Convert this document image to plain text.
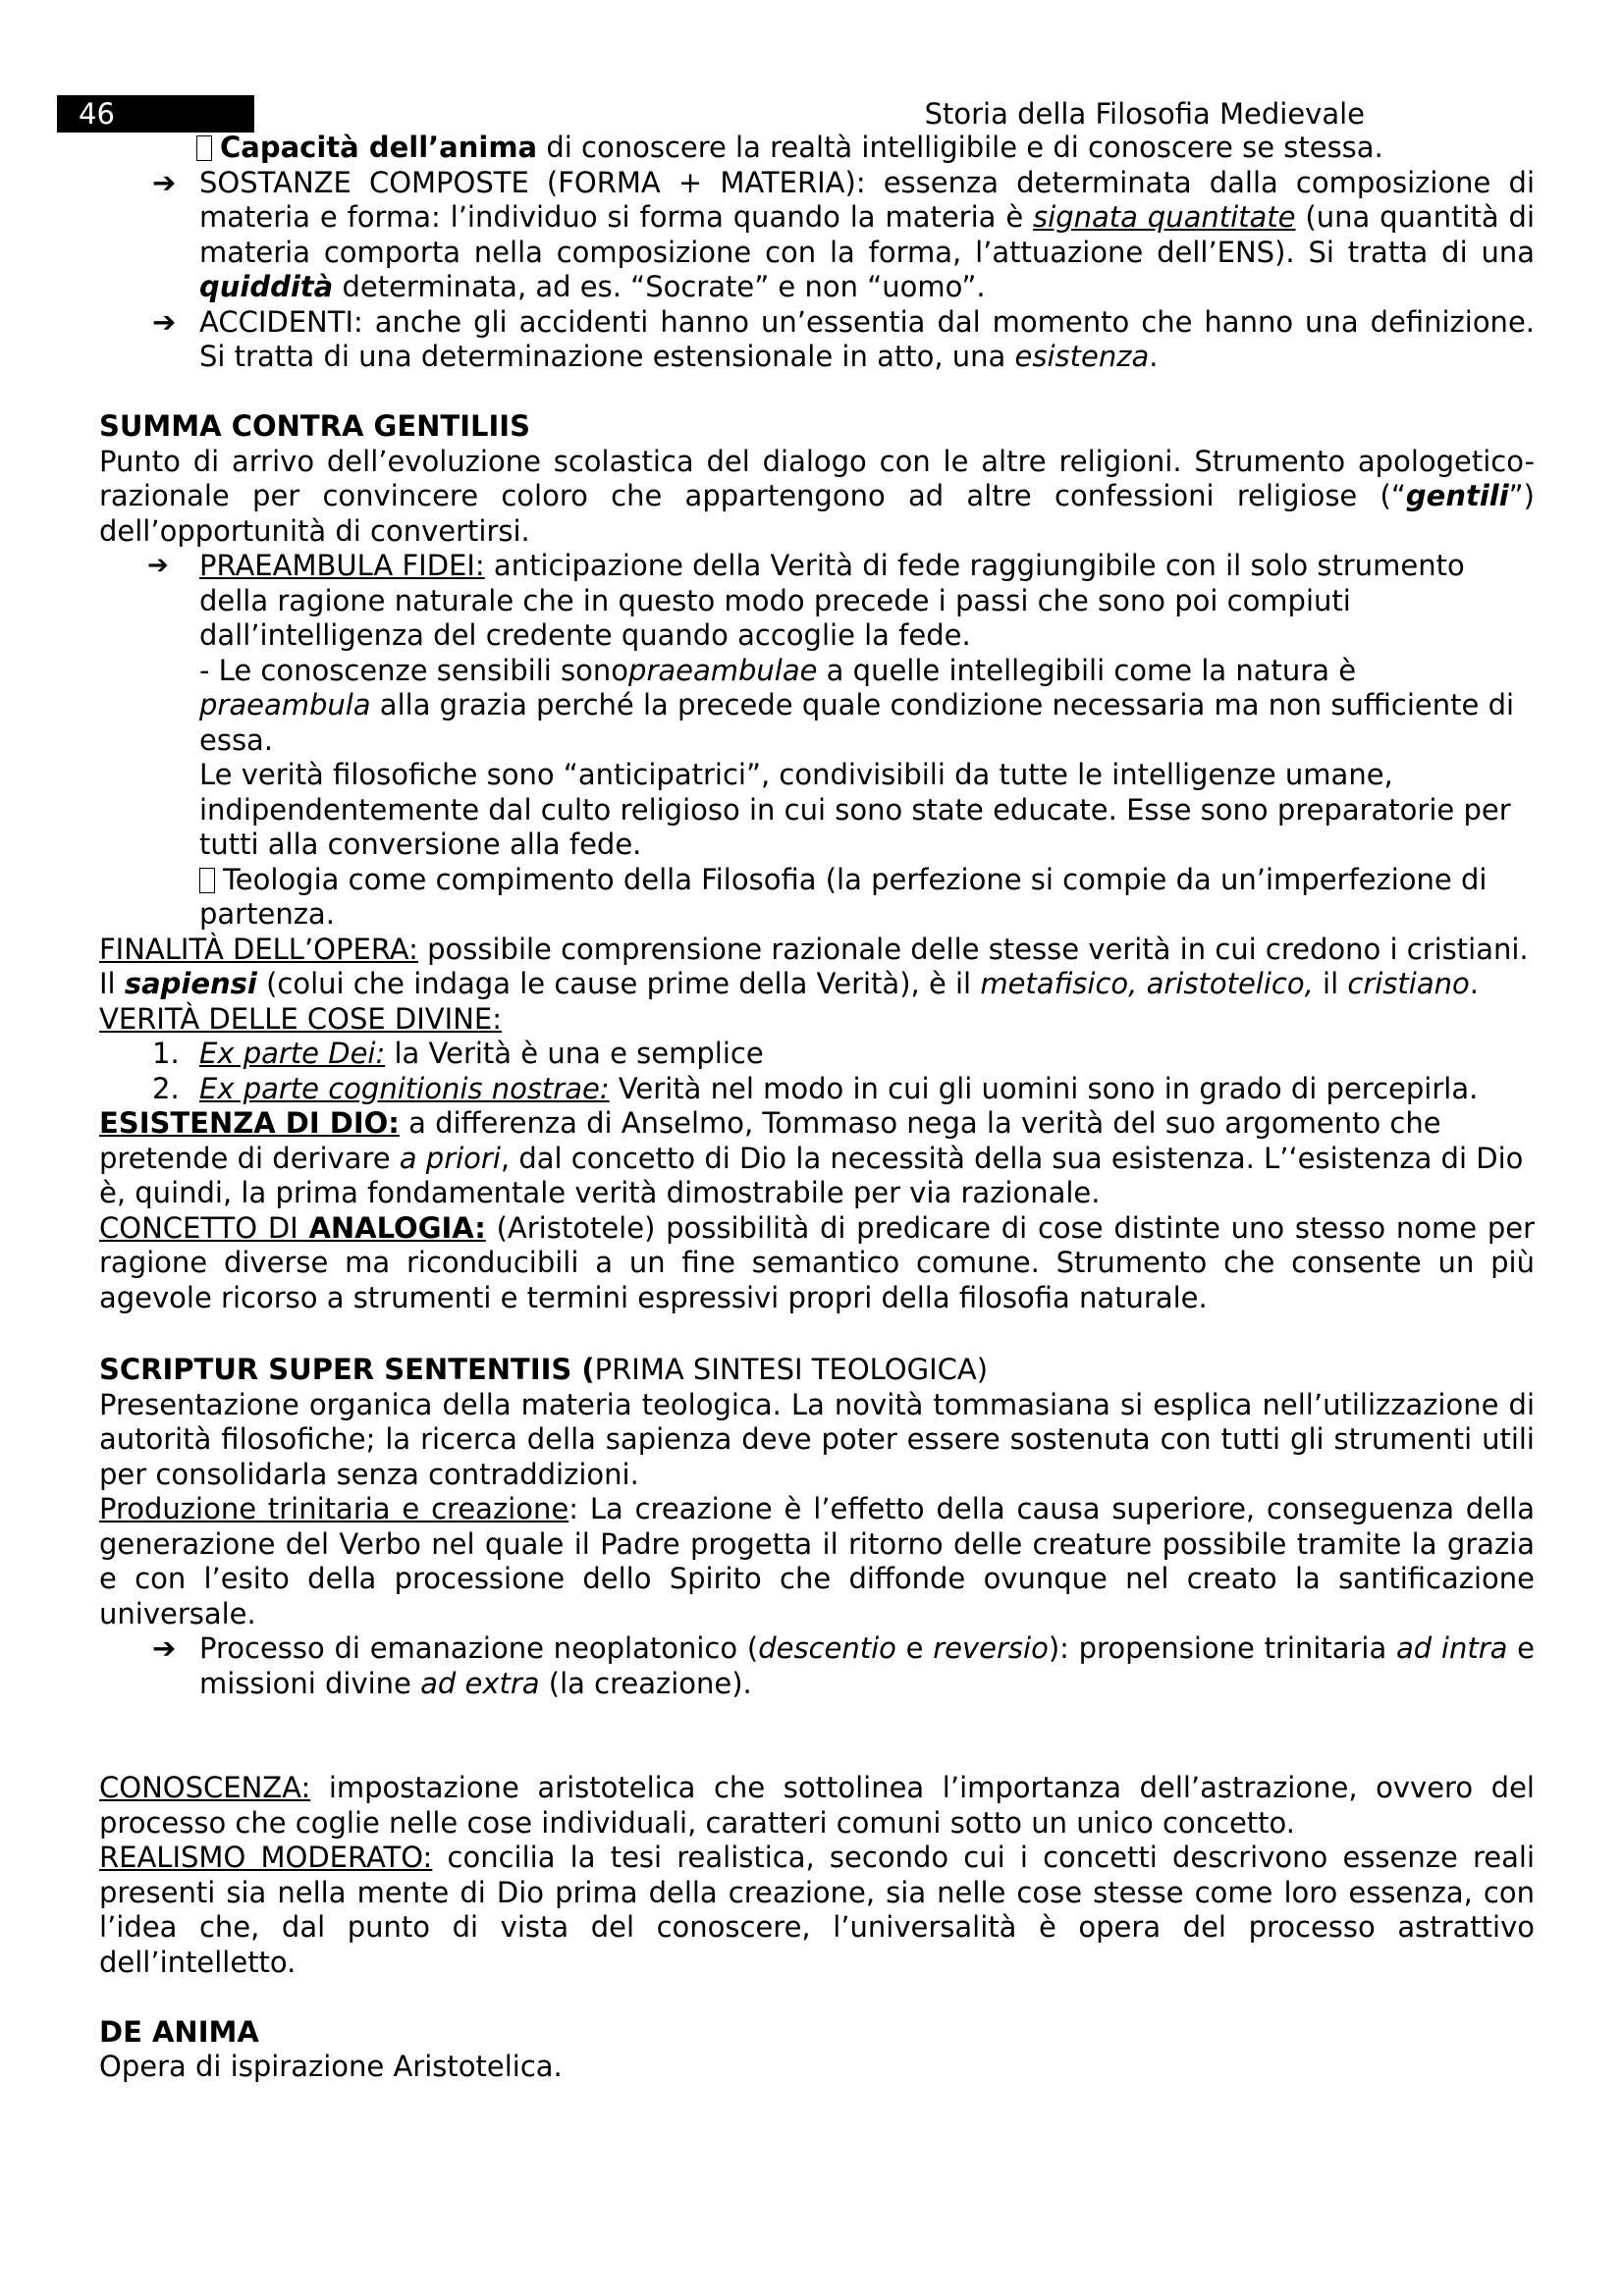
46	Storia della Filosofia Medievale

Capacità dell’anima di conoscere la realtà intelligibile e di conoscere se stessa.

➔ SOSTANZE COMPOSTE (FORMA + MATERIA): essenza determinata dalla composizione di materia e forma: l’individuo si forma quando la materia è signata quantitate (una quantità di materia comporta nella composizione con la forma, l’attuazione dell’ENS). Si tratta di una quiddità determinata, ad es. “Socrate” e non “uomo”.

➔ ACCIDENTI: anche gli accidenti hanno un’essentia dal momento che hanno una definizione. Si tratta di una determinazione estensionale in atto, una esistenza.

SUMMA CONTRA GENTILIIS

Punto di arrivo dell’evoluzione scolastica del dialogo con le altre religioni. Strumento apologetico-razionale per convincere coloro che appartengono ad altre confessioni religiose (“gentili”) dell’opportunità di convertirsi.

➔ PRAEAMBULA FIDEI: anticipazione della Verità di fede raggiungibile con il solo strumento della ragione naturale che in questo modo precede i passi che sono poi compiuti dall’intelligenza del credente quando accoglie la fede.

- Le conoscenze sensibili sonopraeambulae a quelle intellegibili come la natura è praeambula alla grazia perché la precede quale condizione necessaria ma non sufficiente di essa.

Le verità filosofiche sono “anticipatrici”, condivisibili da tutte le intelligenze umane, indipendentemente dal culto religioso in cui sono state educate. Esse sono preparatorie per tutti alla conversione alla fede.

Teologia come compimento della Filosofia (la perfezione si compie da un’imperfezione di partenza.

FINALITÀ DELL’OPERA: possibile comprensione razionale delle stesse verità in cui credono i cristiani. Il sapiensi (colui che indaga le cause prime della Verità), è il metafisico, aristotelico, il cristiano.

VERITÀ DELLE COSE DIVINE:

1. Ex parte Dei: la Verità è una e semplice

2. Ex parte cognitionis nostrae: Verità nel modo in cui gli uomini sono in grado di percepirla.

ESISTENZA DI DIO: a differenza di Anselmo, Tommaso nega la verità del suo argomento che pretende di derivare a priori, dal concetto di Dio la necessità della sua esistenza. L’‘esistenza di Dio è, quindi, la prima fondamentale verità dimostrabile per via razionale.

CONCETTO DI ANALOGIA: (Aristotele) possibilità di predicare di cose distinte uno stesso nome per ragione diverse ma riconducibili a un fine semantico comune. Strumento che consente un più agevole ricorso a strumenti e termini espressivi propri della filosofia naturale.

SCRIPTUR SUPER SENTENTIIS (PRIMA SINTESI TEOLOGICA)

Presentazione organica della materia teologica. La novità tommasiana si esplica nell’utilizzazione di autorità filosofiche; la ricerca della sapienza deve poter essere sostenuta con tutti gli strumenti utili per consolidarla senza contraddizioni.

Produzione trinitaria e creazione: La creazione è l’effetto della causa superiore, conseguenza della generazione del Verbo nel quale il Padre progetta il ritorno delle creature possibile tramite la grazia e con l’esito della processione dello Spirito che diffonde ovunque nel creato la santificazione universale.

➔ Processo di emanazione neoplatonico (descentio e reversio): propensione trinitaria ad intra e missioni divine ad extra (la creazione).

CONOSCENZA: impostazione aristotelica che sottolinea l’importanza dell’astrazione, ovvero del processo che coglie nelle cose individuali, caratteri comuni sotto un unico concetto.

REALISMO MODERATO: concilia la tesi realistica, secondo cui i concetti descrivono essenze reali presenti sia nella mente di Dio prima della creazione, sia nelle cose stesse come loro essenza, con l’idea che, dal punto di vista del conoscere, l’universalità è opera del processo astrattivo dell’intelletto.

DE ANIMA

Opera di ispirazione Aristotelica.
